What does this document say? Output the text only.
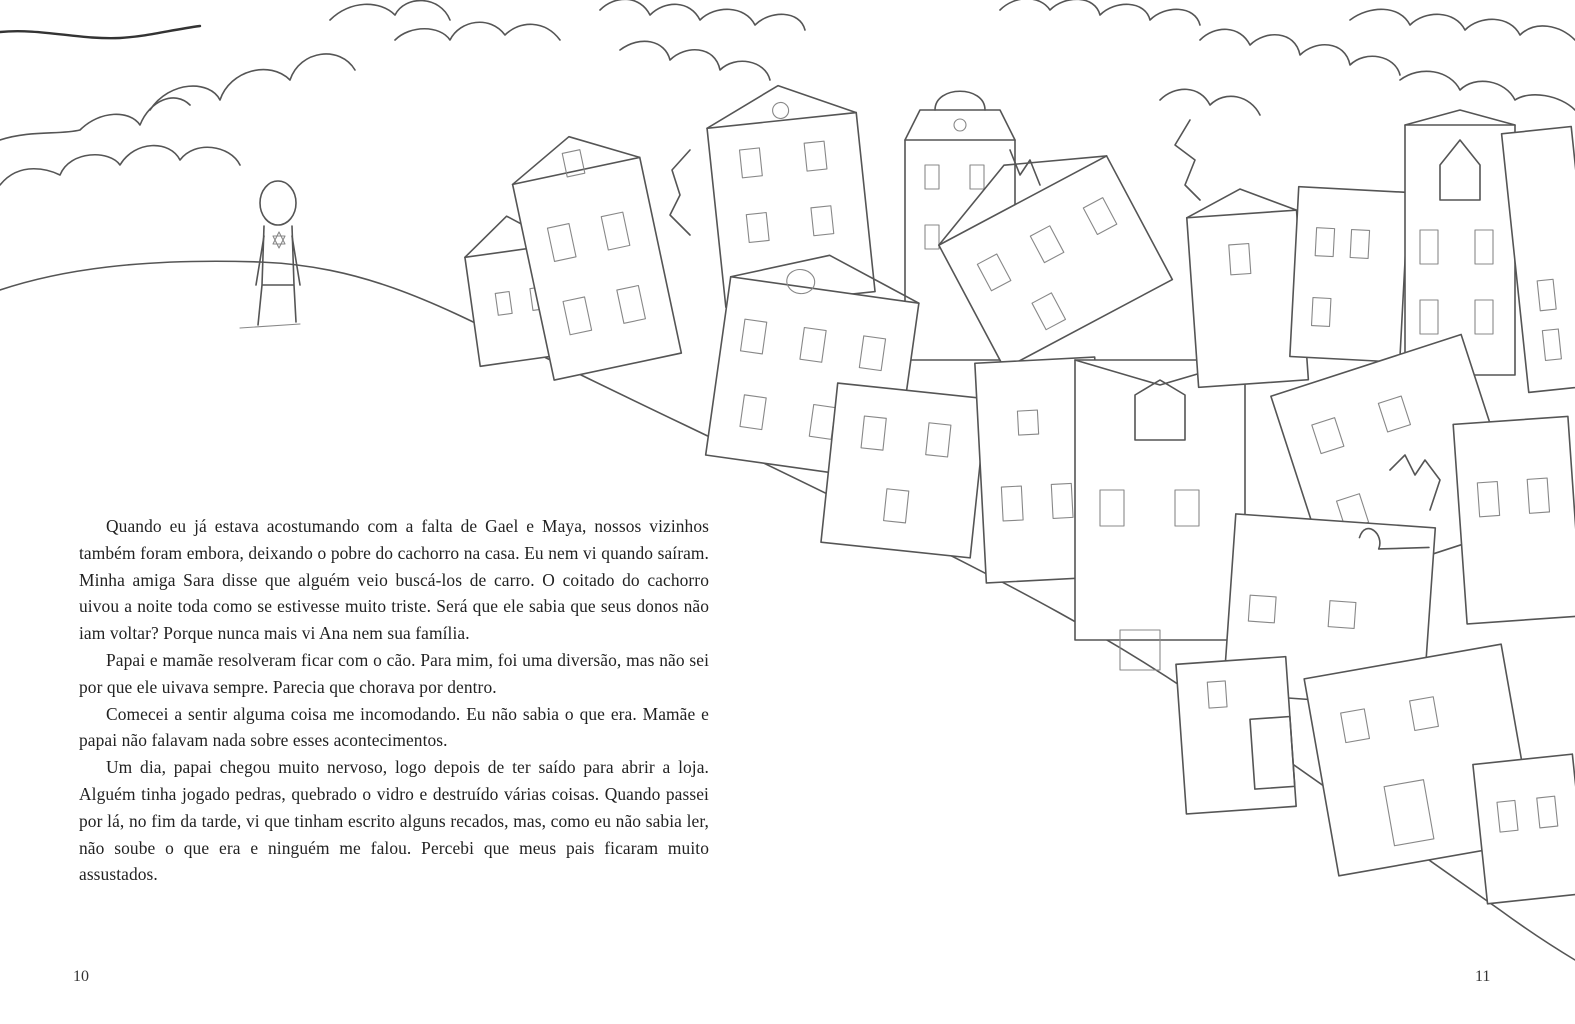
Quando eu já estava acostumando com a falta de Gael e Maya, nossos vizinhos também foram embora, deixando o pobre do cachorro na casa. Eu nem vi quando saíram. Minha amiga Sara disse que alguém veio buscá-los de carro. O coitado do cachorro uivou a noite toda como se estivesse muito triste. Será que ele sabia que seus donos não iam voltar? Porque nunca mais vi Ana nem sua família.

Papai e mamãe resolveram ficar com o cão. Para mim, foi uma diversão, mas não sei por que ele uivava sempre. Parecia que chorava por dentro.

Comecei a sentir alguma coisa me incomodando. Eu não sabia o que era. Mamãe e papai não falavam nada sobre esses acontecimentos.

Um dia, papai chegou muito nervoso, logo depois de ter saído para abrir a loja. Alguém tinha jogado pedras, quebrado o vidro e destruído várias coisas. Quando passei por lá, no fim da tarde, vi que tinham escrito alguns recados, mas, como eu não sabia ler, não soube o que era e ninguém me falou. Percebi que meus pais ficaram muito assustados.

10	11
